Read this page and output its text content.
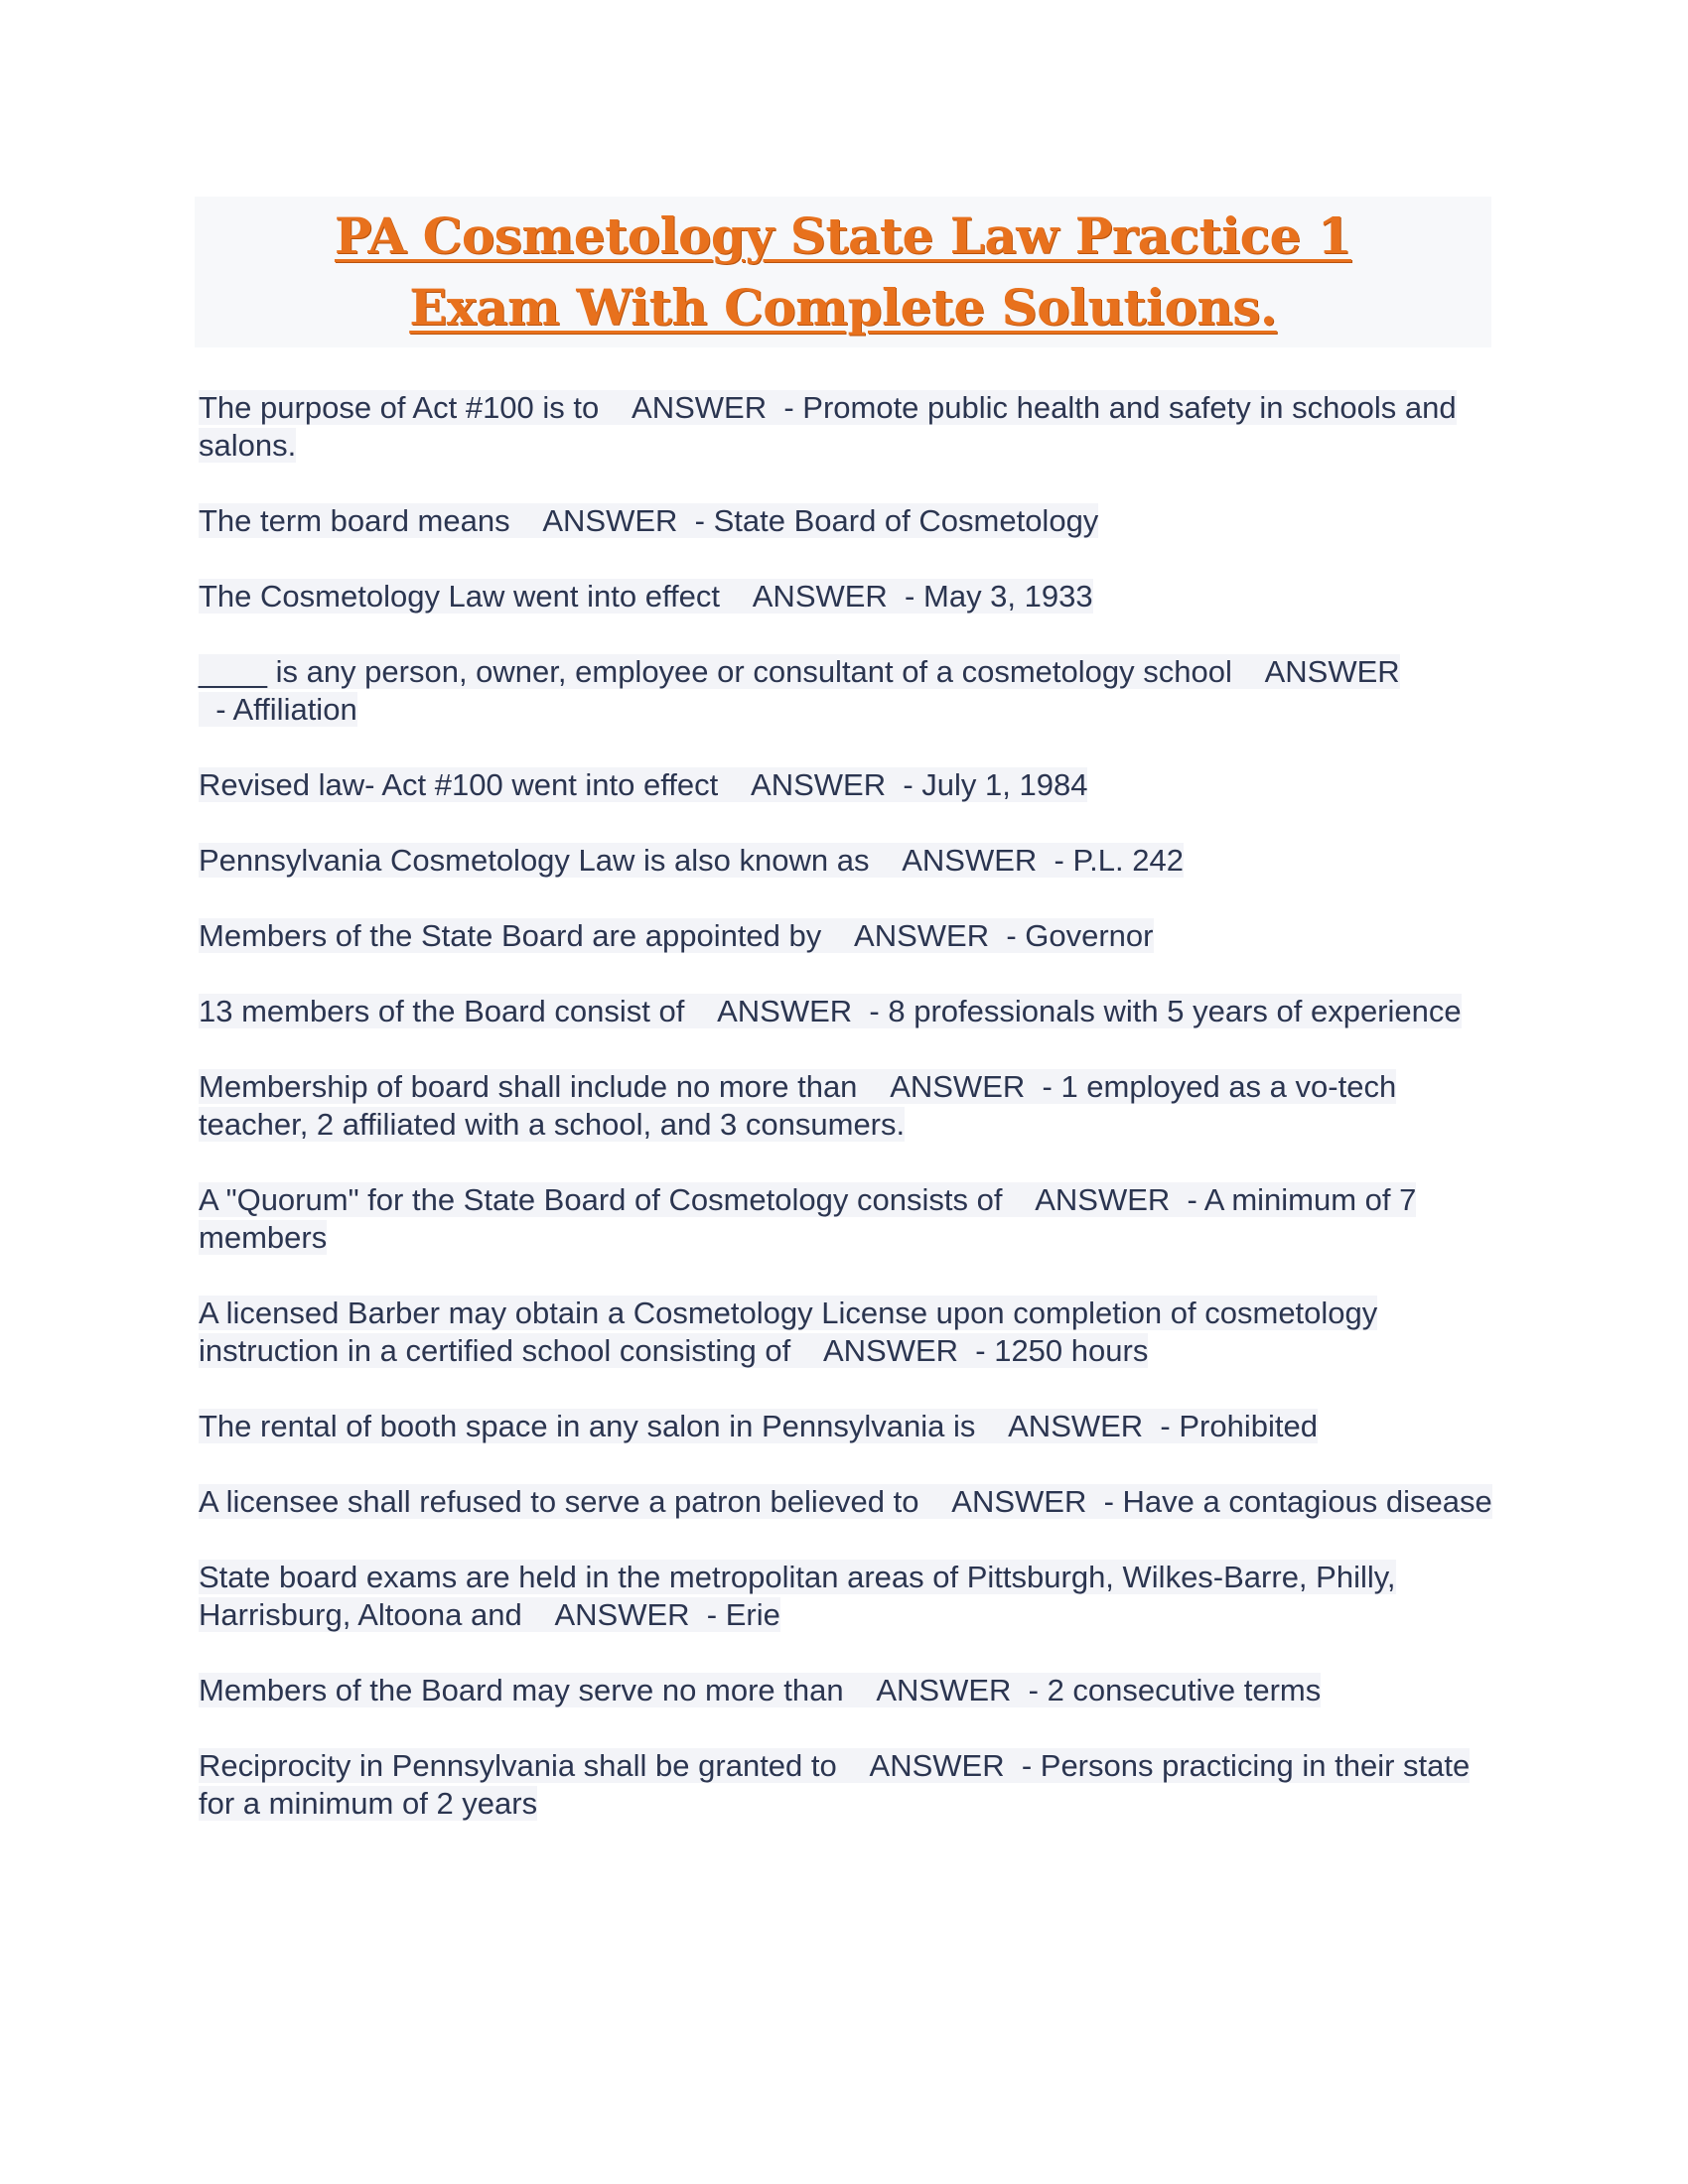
PA Cosmetology State Law Practice 1
Exam With Complete Solutions.
The purpose of Act #100 is to ANSWER  - Promote public health and safety in schools and salons.
The term board means ANSWER  - State Board of Cosmetology
The Cosmetology Law went into effect ANSWER  - May 3, 1933
____ is any person, owner, employee or consultant of a cosmetology school ANSWER  - Affiliation
Revised law- Act #100 went into effect ANSWER  - July 1, 1984
Pennsylvania Cosmetology Law is also known as ANSWER  - P.L. 242
Members of the State Board are appointed by ANSWER  - Governor
13 members of the Board consist of ANSWER  - 8 professionals with 5 years of experience
Membership of board shall include no more than ANSWER  - 1 employed as a vo-tech teacher, 2 affiliated with a school, and 3 consumers.
A "Quorum" for the State Board of Cosmetology consists of ANSWER  - A minimum of 7 members
A licensed Barber may obtain a Cosmetology License upon completion of cosmetology instruction in a certified school consisting of ANSWER  - 1250 hours
The rental of booth space in any salon in Pennsylvania is ANSWER  - Prohibited
A licensee shall refused to serve a patron believed to ANSWER  - Have a contagious disease
State board exams are held in the metropolitan areas of Pittsburgh, Wilkes-Barre, Philly, Harrisburg, Altoona and ANSWER  - Erie
Members of the Board may serve no more than ANSWER  - 2 consecutive terms
Reciprocity in Pennsylvania shall be granted to ANSWER  - Persons practicing in their state for a minimum of 2 years
